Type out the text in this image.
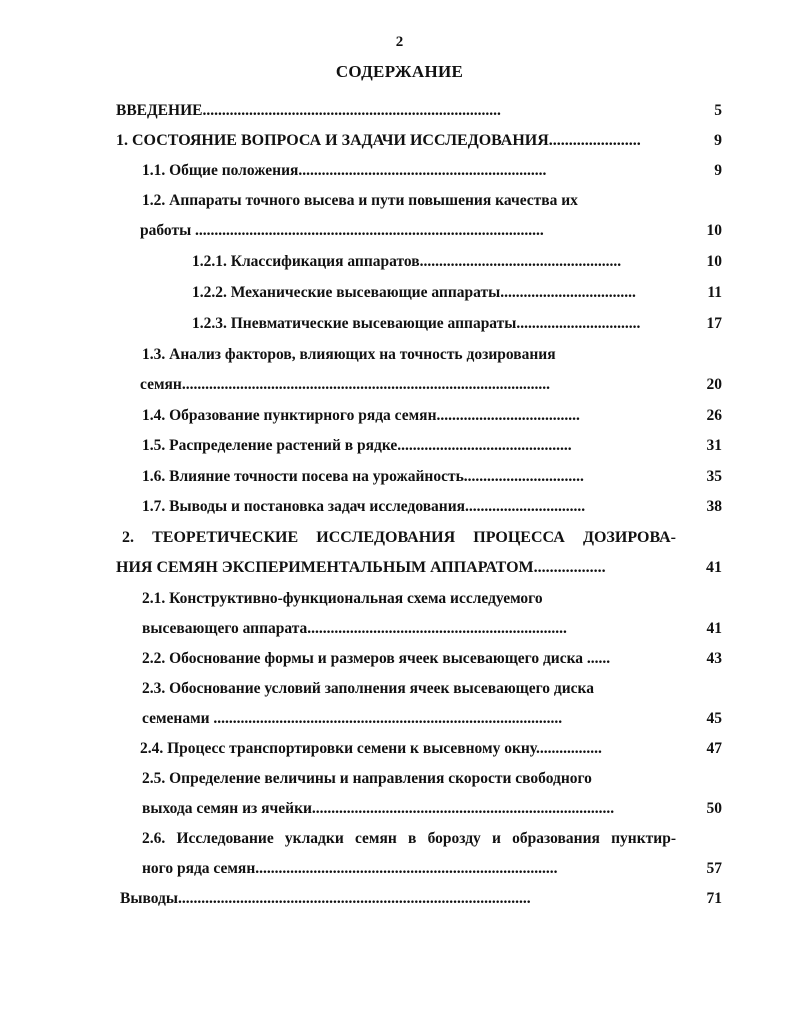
2
СОДЕРЖАНИЕ
ВВЕДЕНИЕ.............................................................................	5
1. СОСТОЯНИЕ ВОПРОСА И ЗАДАЧИ ИССЛЕДОВАНИЯ.......................	9
1.1. Общие положения................................................................	9
1.2. Аппараты точного высева и пути повышения качества их
работы ..........................................................................................	10
1.2.1. Классификация аппаратов....................................................	10
1.2.2. Механические высевающие аппараты...................................	11
1.2.3. Пневматические высевающие аппараты................................	17
1.3. Анализ факторов, влияющих на точность дозирования
семян...............................................................................................	20
1.4. Образование пунктирного ряда семян.....................................	26
1.5. Распределение растений в рядке.............................................	31
1.6. Влияние точности посева на урожайность...............................	35
1.7. Выводы и постановка задач исследования...............................	38
2. ТЕОРЕТИЧЕСКИЕ ИССЛЕДОВАНИЯ ПРОЦЕССА ДОЗИРОВА-
НИЯ СЕМЯН ЭКСПЕРИМЕНТАЛЬНЫМ АППАРАТОМ..................	41
2.1. Конструктивно-функциональная схема исследуемого
высевающего аппарата...................................................................	41
2.2. Обоснование формы и размеров ячеек высевающего диска ......	43
2.3. Обоснование условий заполнения ячеек высевающего диска
семенами ..........................................................................................	45
2.4. Процесс транспортировки семени к высевному окну.................	47
2.5. Определение величины и направления скорости свободного
выхода семян из ячейки..............................................................................	50
2.6. Исследование укладки семян в борозду и образования пунктир-
ного ряда семян..............................................................................	57
Выводы...........................................................................................	71
